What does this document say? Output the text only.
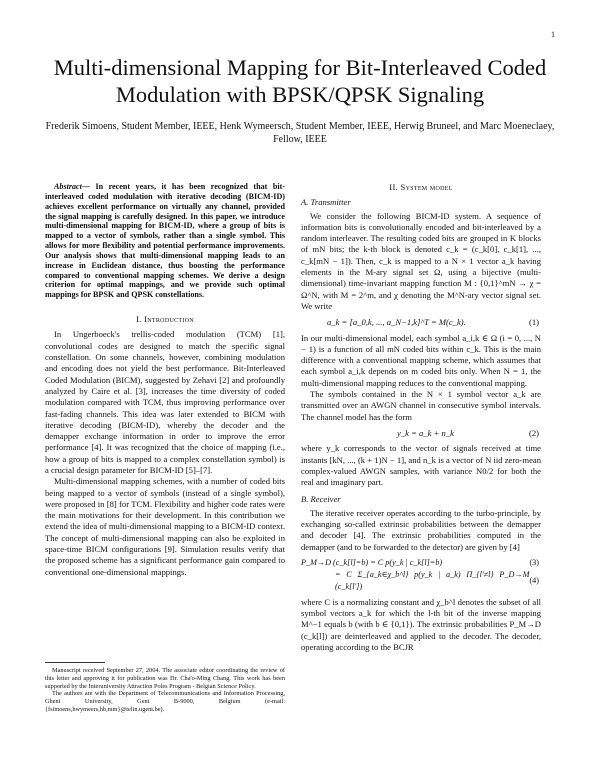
1
Multi-dimensional Mapping for Bit-Interleaved Coded Modulation with BPSK/QPSK Signaling
Frederik Simoens, Student Member, IEEE, Henk Wymeersch, Student Member, IEEE, Herwig Bruneel, and Marc Moeneclaey, Fellow, IEEE

Abstract— In recent years, it has been recognized that bit-interleaved coded modulation with iterative decoding (BICM-ID) achieves excellent performance on virtually any channel, provided the signal mapping is carefully designed. In this paper, we introduce multi-dimensional mapping for BICM-ID, where a group of bits is mapped to a vector of symbols, rather than a single symbol. This allows for more flexibility and potential performance improvements. Our analysis shows that multi-dimensional mapping leads to an increase in Euclidean distance, thus boosting the performance compared to conventional mapping schemes. We derive a design criterion for optimal mappings, and we provide such optimal mappings for BPSK and QPSK constellations.

I. Introduction

In Ungerboeck's trellis-coded modulation (TCM) [1], convolutional codes are designed to match the specific signal constellation. On some channels, however, combining modulation and encoding does not yield the best performance. Bit-Interleaved Coded Modulation (BICM), suggested by Zehavi [2] and profoundly analyzed by Caire et al. [3], increases the time diversity of coded modulation compared with TCM, thus improving performance over fast-fading channels. This idea was later extended to BICM with iterative decoding (BICM-ID), whereby the decoder and the demapper exchange information in order to improve the error performance [4]. It was recognized that the choice of mapping (i.e., how a group of bits is mapped to a complex constellation symbol) is a crucial design parameter for BICM-ID [5]–[7].

Multi-dimensional mapping schemes, with a number of coded bits being mapped to a vector of symbols (instead of a single symbol), were proposed in [8] for TCM. Flexibility and higher code rates were the main motivations for their development. In this contribution we extend the idea of multi-dimensional mapping to a BICM-ID context. The concept of multi-dimensional mapping can also be exploited in space-time BICM configurations [9]. Simulation results verify that the proposed scheme has a significant performance gain compared to conventional one-dimensional mappings.

Manuscript received September 27, 2004. The associate editor coordinating the review of this letter and approving it for publication was Dr. Cha'o-Ming Chang. This work has been supported by the Interuniversity Attraction Poles Program - Belgian Science Policy.

The authors are with the Department of Telecommunications and Information Processing, Ghent University, Gent B-9000, Belgium (e-mail: {fsimoens,hwymeers,hb,mm}@telin.ugent.be).

II. System model
A. Transmitter

We consider the following BICM-ID system. A sequence of information bits is convolutionally encoded and bit-interleaved by a random interleaver. The resulting coded bits are grouped in K blocks of mN bits; the k-th block is denoted c_k = (c_k[0], c_k[1], ..., c_k[mN − 1]). Then, c_k is mapped to a N × 1 vector a_k having elements in the M-ary signal set Ω, using a bijective (multi-dimensional) time-invariant mapping function M : {0,1}^mN → χ = Ω^N, with M = 2^m, and χ denoting the M^N-ary vector signal set. We write

a_k = [a_0,k, ..., a_N−1,k]^T = M(c_k).	(1)

In our multi-dimensional model, each symbol a_i,k ∈ Ω (i = 0, ..., N − 1) is a function of all mN coded bits within c_k. This is the main difference with a conventional mapping scheme, which assumes that each symbol a_i,k depends on m coded bits only. When N = 1, the multi-dimensional mapping reduces to the conventional mapping.

The symbols contained in the N × 1 symbol vector a_k are transmitted over an AWGN channel in consecutive symbol intervals. The channel model has the form

y_k = a_k + n_k	(2)

where y_k corresponds to the vector of signals received at time instants [kN, ..., (k + 1)N − 1], and n_k is a vector of N iid zero-mean complex-valued AWGN samples, with variance N0/2 for both the real and imaginary part.

B. Receiver

The iterative receiver operates according to the turbo-principle, by exchanging so-called extrinsic probabilities between the demapper and decoder [4]. The extrinsic probabilities computed in the demapper (and to be forwarded to the detector) are given by [4]

P_M→D (c_k[l]=b) = C p(y_k | c_k[l]=b)	(3)
= C Σ_{a_k∈χ_b^l} p(y_k | a_k) Π_{l'≠l} P_D→M (c_k[l'])
(4)

where C is a normalizing constant and χ_b^l denotes the subset of all symbol vectors a_k for which the l-th bit of the inverse mapping M^−1 equals b (with b ∈ {0,1}). The extrinsic probabilities P_M→D (c_k[l]) are deinterleaved and applied to the decoder. The decoder, operating according to the BCJR
